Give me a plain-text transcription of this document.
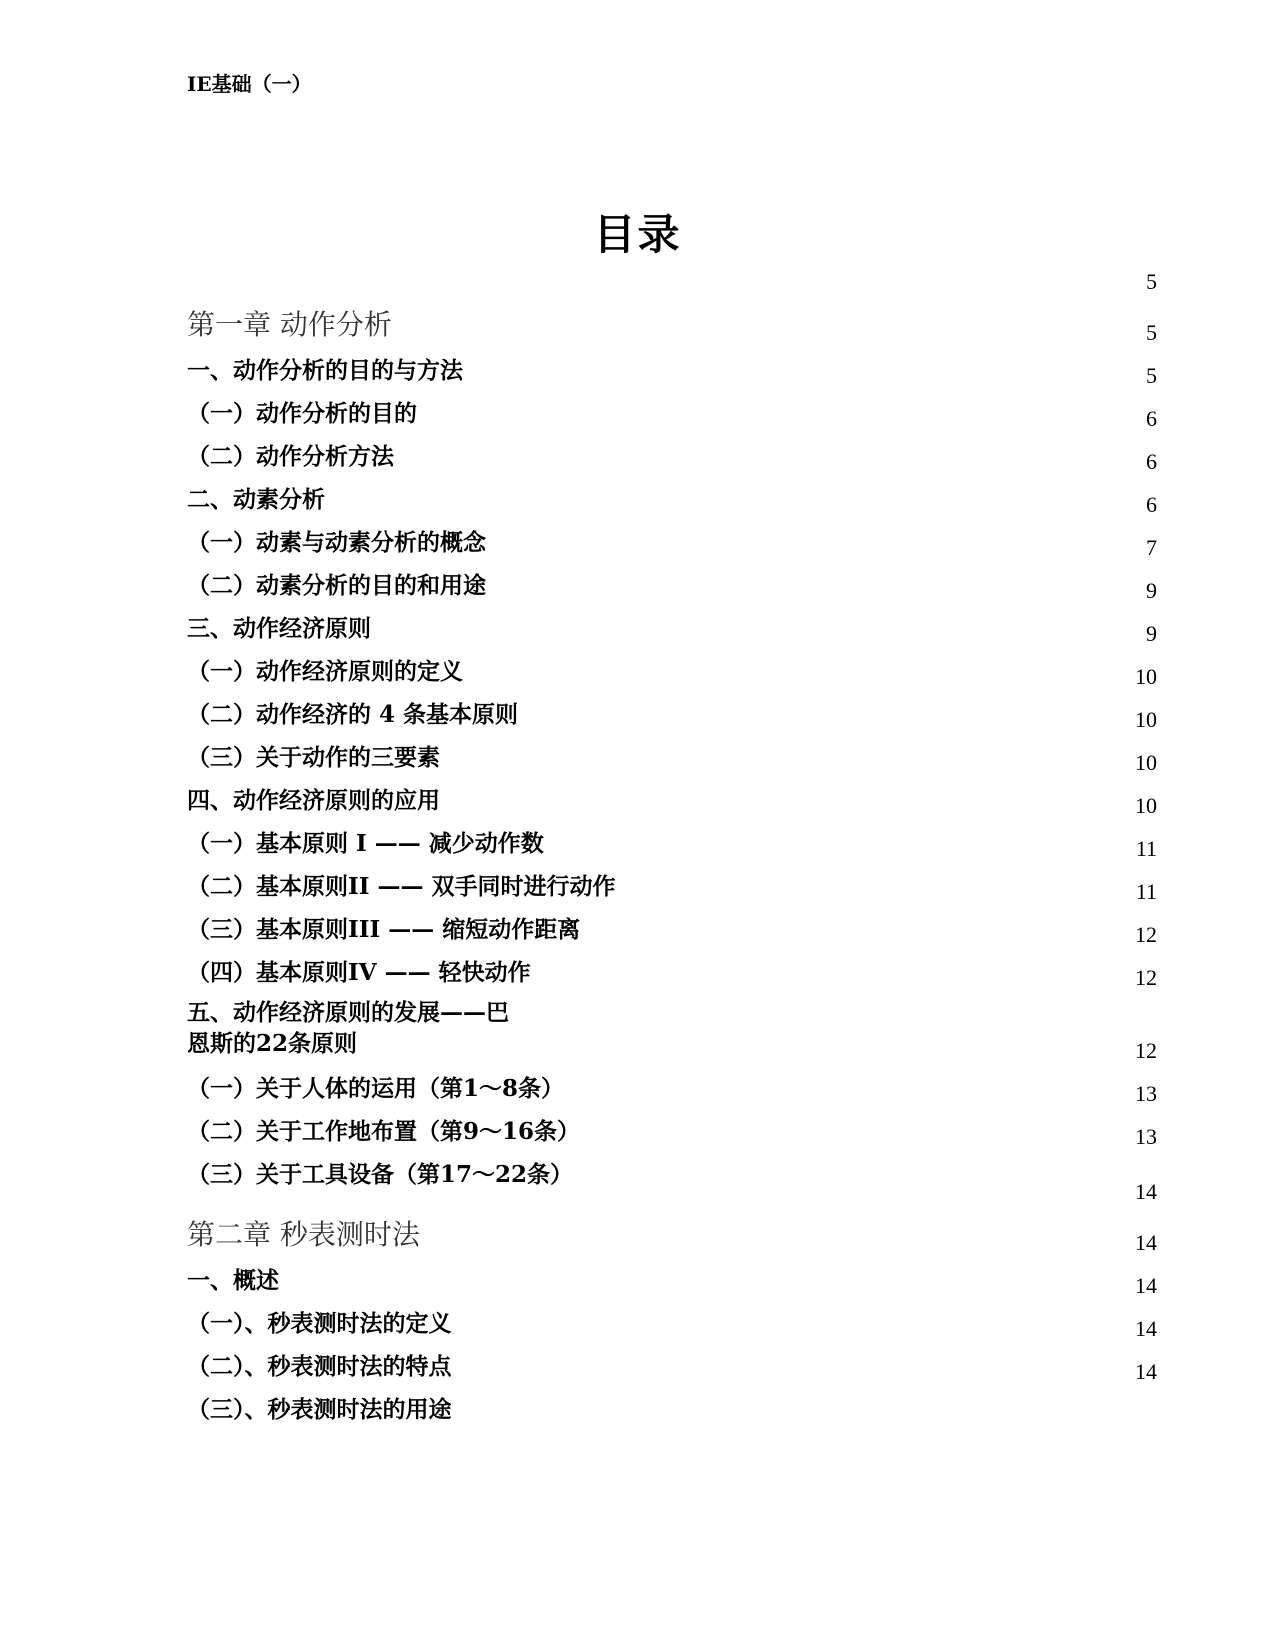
IE基础（一）
目录
第一章 动作分析
5
一、动作分析的目的与方法
5
（一）动作分析的目的
5
（二）动作分析方法
6
二、动素分析
6
（一）动素与动素分析的概念
6
（二）动素分析的目的和用途
7
三、动作经济原则
9
（一）动作经济原则的定义
9
（二）动作经济的 4 条基本原则
10
（三）关于动作的三要素
10
四、动作经济原则的应用
10
（一）基本原则 I —— 减少动作数
10
（二）基本原则II —— 双手同时进行动作
11
（三）基本原则III —— 缩短动作距离
11
（四）基本原则IV —— 轻快动作
12
五、动作经济原则的发展——巴恩斯的22条原则
12
（一）关于人体的运用（第1～8条）
12
（二）关于工作地布置（第9～16条）
13
（三）关于工具设备（第17～22条）
13
第二章 秒表测时法
14
一、概述
14
（一）、秒表测时法的定义
14
（二）、秒表测时法的特点
14
（三）、秒表测时法的用途
14
